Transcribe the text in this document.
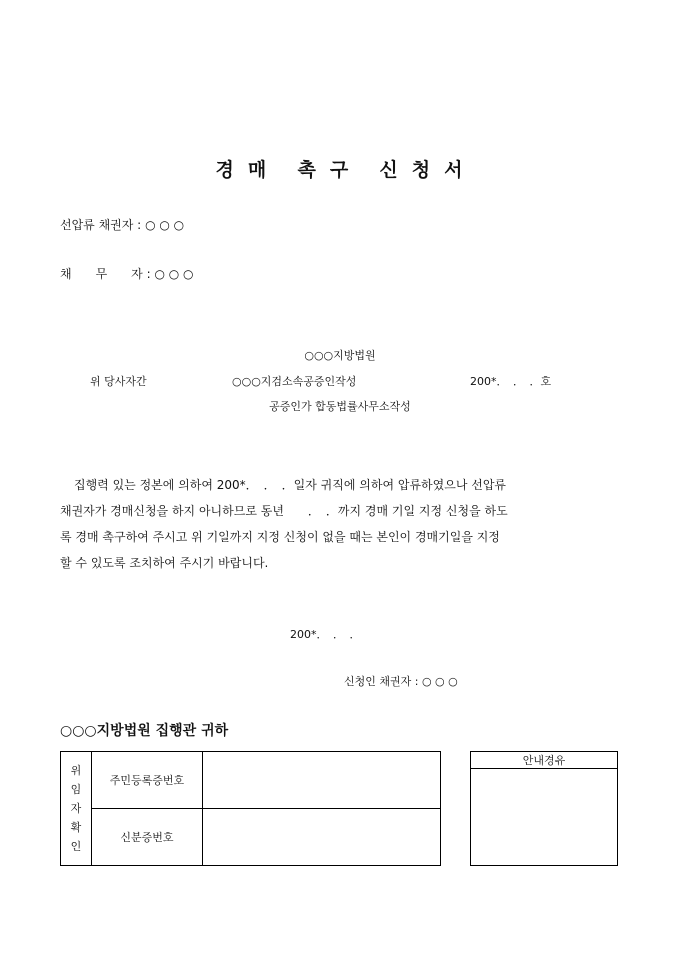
경 매 촉 구 신 청 서
선압류 채권자 : ○ ○ ○
채　　무　　자 : ○ ○ ○
○○○지방법원
위 당사자간	○○○지검소속공증인작성	200*．　．　．호
공증인가 합동법률사무소작성

집행력 있는 정본에 의하여 200*．　．　．일자 귀직에 의하여 압류하였으나 선압류

채권자가 경매신청을 하지 아니하므로 동년　　．　．까지 경매 기일 지정 신청을 하도

록 경매 촉구하여 주시고 위 기일까지 지정 신청이 없을 때는 본인이 경매기일을 지정

할 수 있도록 조치하여 주시기 바랍니다.

200*．　．　．
신청인 채권자 : ○ ○ ○
○○○지방법원 집행관 귀하
위
임
자
확
인	주민등록증번호	
	신분증번호	
안내경유
